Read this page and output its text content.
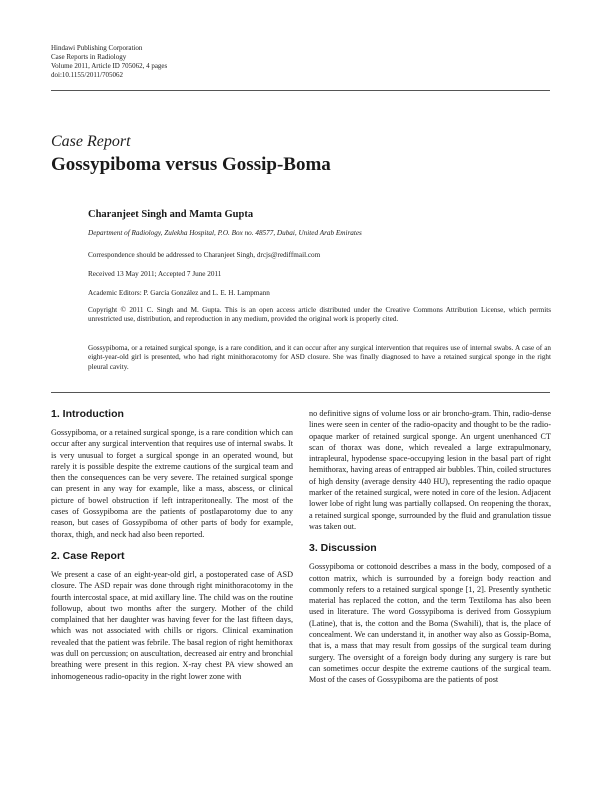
Hindawi Publishing Corporation
Case Reports in Radiology
Volume 2011, Article ID 705062, 4 pages
doi:10.1155/2011/705062
Case Report
Gossypiboma versus Gossip-Boma
Charanjeet Singh and Mamta Gupta
Department of Radiology, Zulekha Hospital, P.O. Box no. 48577, Dubai, United Arab Emirates
Correspondence should be addressed to Charanjeet Singh, drcjs@rediffmail.com
Received 13 May 2011; Accepted 7 June 2011
Academic Editors: P. García González and L. E. H. Lampmann
Copyright © 2011 C. Singh and M. Gupta. This is an open access article distributed under the Creative Commons Attribution License, which permits unrestricted use, distribution, and reproduction in any medium, provided the original work is properly cited.
Gossypiboma, or a retained surgical sponge, is a rare condition, and it can occur after any surgical intervention that requires use of internal swabs. A case of an eight-year-old girl is presented, who had right minithoracotomy for ASD closure. She was finally diagnosed to have a retained surgical sponge in the right pleural cavity.
1. Introduction

Gossypiboma, or a retained surgical sponge, is a rare condition which can occur after any surgical intervention that requires use of internal swabs. It is very unusual to forget a surgical sponge in an operated wound, but rarely it is possible despite the extreme cautions of the surgical team and then the consequences can be very severe. The retained surgical sponge can present in any way for example, like a mass, abscess, or clinical picture of bowel obstruction if left intraperitoneally. The most of the cases of Gossypiboma are the patients of postlaparotomy due to any reason, but cases of Gossypiboma of other parts of body for example, thorax, thigh, and neck had also been reported.

2. Case Report

We present a case of an eight-year-old girl, a postoperated case of ASD closure. The ASD repair was done through right minithoracotomy in the fourth intercostal space, at mid axillary line. The child was on the routine followup, about two months after the surgery. Mother of the child complained that her daughter was having fever for the last fifteen days, which was not associated with chills or rigors. Clinical examination revealed that the patient was febrile. The basal region of right hemithorax was dull on percussion; on auscultation, decreased air entry and bronchial breathing were present in this region. X-ray chest PA view showed an inhomogeneous radio-opacity in the right lower zone with

no definitive signs of volume loss or air broncho-gram. Thin, radio-dense lines were seen in center of the radio-opacity and thought to be the radio-opaque marker of retained surgical sponge. An urgent unenhanced CT scan of thorax was done, which revealed a large extrapulmonary, intrapleural, hypodense space-occupying lesion in the basal part of right hemithorax, having areas of entrapped air bubbles. Thin, coiled structures of high density (average density 440 HU), representing the radio opaque marker of the retained surgical, were noted in core of the lesion. Adjacent lower lobe of right lung was partially collapsed. On reopening the thorax, a retained surgical sponge, surrounded by the fluid and granulation tissue was taken out.

3. Discussion

Gossypiboma or cottonoid describes a mass in the body, composed of a cotton matrix, which is surrounded by a foreign body reaction and commonly refers to a retained surgical sponge [1, 2]. Presently synthetic material has replaced the cotton, and the term Textiloma has also been used in literature. The word Gossypiboma is derived from Gossypium (Latine), that is, the cotton and the Boma (Swahili), that is, the place of concealment. We can understand it, in another way also as Gossip-Boma, that is, a mass that may result from gossips of the surgical team during surgery. The oversight of a foreign body during any surgery is rare but can sometimes occur despite the extreme cautions of the surgical team. Most of the cases of Gossypiboma are the patients of post
